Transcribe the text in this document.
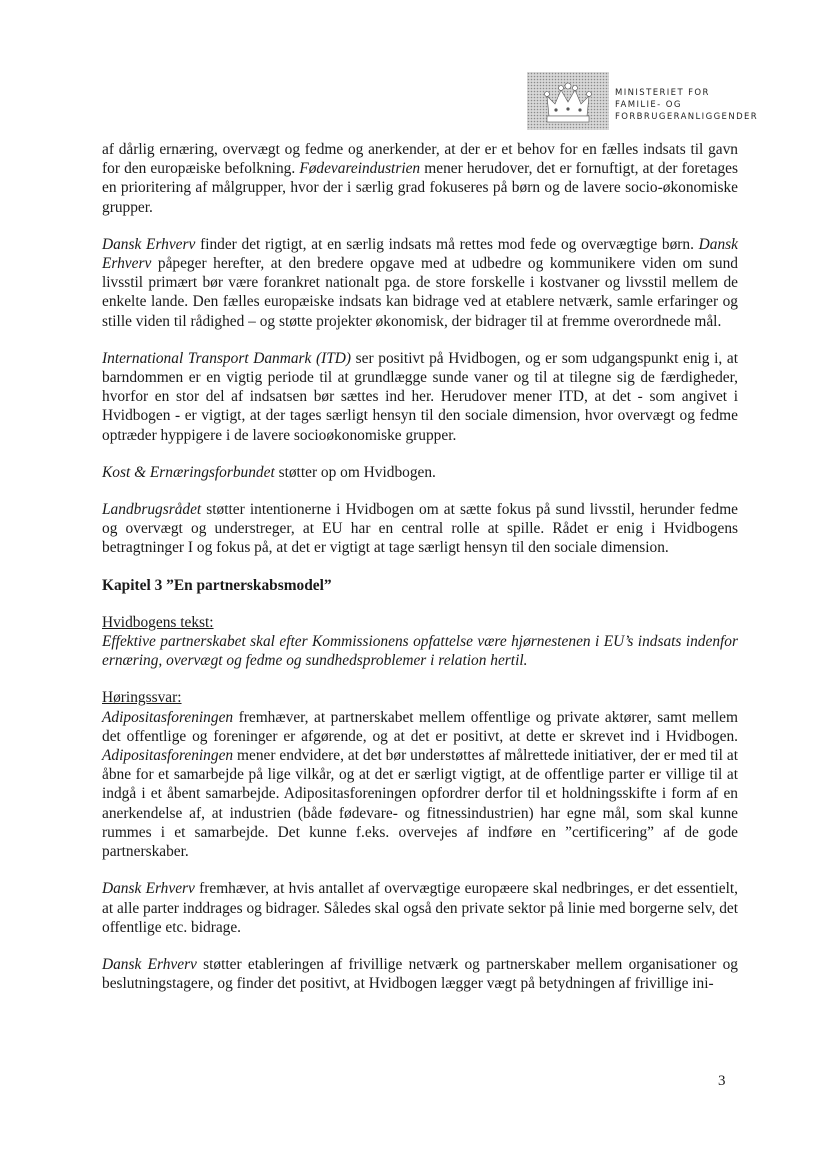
MINISTERIET FOR
FAMILIE- OG
FORBRUGERANLIGGENDER

af dårlig ernæring, overvægt og fedme og anerkender, at der er et behov for en fælles indsats til gavn for den europæiske befolkning. Fødevareindustrien mener herudover, det er fornuftigt, at der foretages en prioritering af målgrupper, hvor der i særlig grad fokuseres på børn og de lavere socio-økonomiske grupper.

Dansk Erhverv finder det rigtigt, at en særlig indsats må rettes mod fede og overvægtige børn. Dansk Erhverv påpeger herefter, at den bredere opgave med at udbedre og kommunikere viden om sund livsstil primært bør være forankret nationalt pga. de store forskelle i kostvaner og livsstil mellem de enkelte lande. Den fælles europæiske indsats kan bidrage ved at etablere netværk, samle erfaringer og stille viden til rådighed – og støtte projekter økonomisk, der bidrager til at fremme overordnede mål.

International Transport Danmark (ITD) ser positivt på Hvidbogen, og er som udgangspunkt enig i, at barndommen er en vigtig periode til at grundlægge sunde vaner og til at tilegne sig de færdigheder, hvorfor en stor del af indsatsen bør sættes ind her. Herudover mener ITD, at det - som angivet i Hvidbogen - er vigtigt, at der tages særligt hensyn til den sociale dimension, hvor overvægt og fedme optræder hyppigere i de lavere socioøkonomiske grupper.

Kost & Ernæringsforbundet støtter op om Hvidbogen.

Landbrugsrådet støtter intentionerne i Hvidbogen om at sætte fokus på sund livsstil, herunder fedme og overvægt og understreger, at EU har en central rolle at spille. Rådet er enig i Hvidbogens betragtninger I og fokus på, at det er vigtigt at tage særligt hensyn til den sociale dimension.

Kapitel 3 ”En partnerskabsmodel”

Hvidbogens tekst:
Effektive partnerskabet skal efter Kommissionens opfattelse være hjørnestenen i EU’s indsats indenfor ernæring, overvægt og fedme og sundhedsproblemer i relation hertil.

Høringssvar:
Adipositasforeningen fremhæver, at partnerskabet mellem offentlige og private aktører, samt mellem det offentlige og foreninger er afgørende, og at det er positivt, at dette er skrevet ind i Hvidbogen. Adipositasforeningen mener endvidere, at det bør understøttes af målrettede initiativer, der er med til at åbne for et samarbejde på lige vilkår, og at det er særligt vigtigt, at de offentlige parter er villige til at indgå i et åbent samarbejde. Adipositasforeningen opfordrer derfor til et holdningsskifte i form af en anerkendelse af, at industrien (både fødevare- og fitnessindustrien) har egne mål, som skal kunne rummes i et samarbejde. Det kunne f.eks. overvejes af indføre en ”certificering” af de gode partnerskaber.

Dansk Erhverv fremhæver, at hvis antallet af overvægtige europæere skal nedbringes, er det essentielt, at alle parter inddrages og bidrager. Således skal også den private sektor på linie med borgerne selv, det offentlige etc. bidrage.

Dansk Erhverv støtter etableringen af frivillige netværk og partnerskaber mellem organisationer og beslutningstagere, og finder det positivt, at Hvidbogen lægger vægt på betydningen af frivillige ini-

3
